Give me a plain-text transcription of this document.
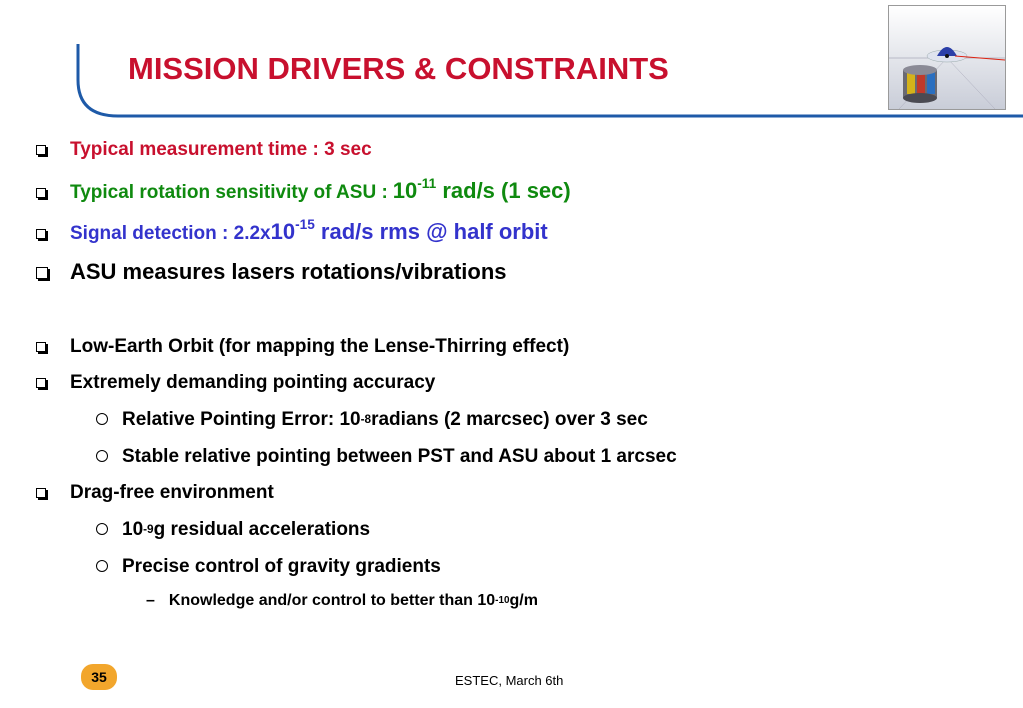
MISSION DRIVERS & CONSTRAINTS
Typical measurement time : 3 sec
Typical rotation sensitivity of ASU : $10^{-11}$ rad/s (1 sec)
Signal detection : 2.2x $10^{-15}$ rad/s rms @ half orbit
ASU measures lasers rotations/vibrations
Low-Earth Orbit (for mapping the Lense-Thirring effect)
Extremely demanding pointing accuracy
Relative Pointing Error: $10^{-8}$ radians (2 marcsec) over 3 sec
Stable relative pointing between PST and ASU about 1 arcsec
Drag-free environment
$10^{-9}$ g residual accelerations
Precise control of gravity gradients
– Knowledge and/or control to better than $10^{-10}$ g/m
35	ESTEC, March 6th
